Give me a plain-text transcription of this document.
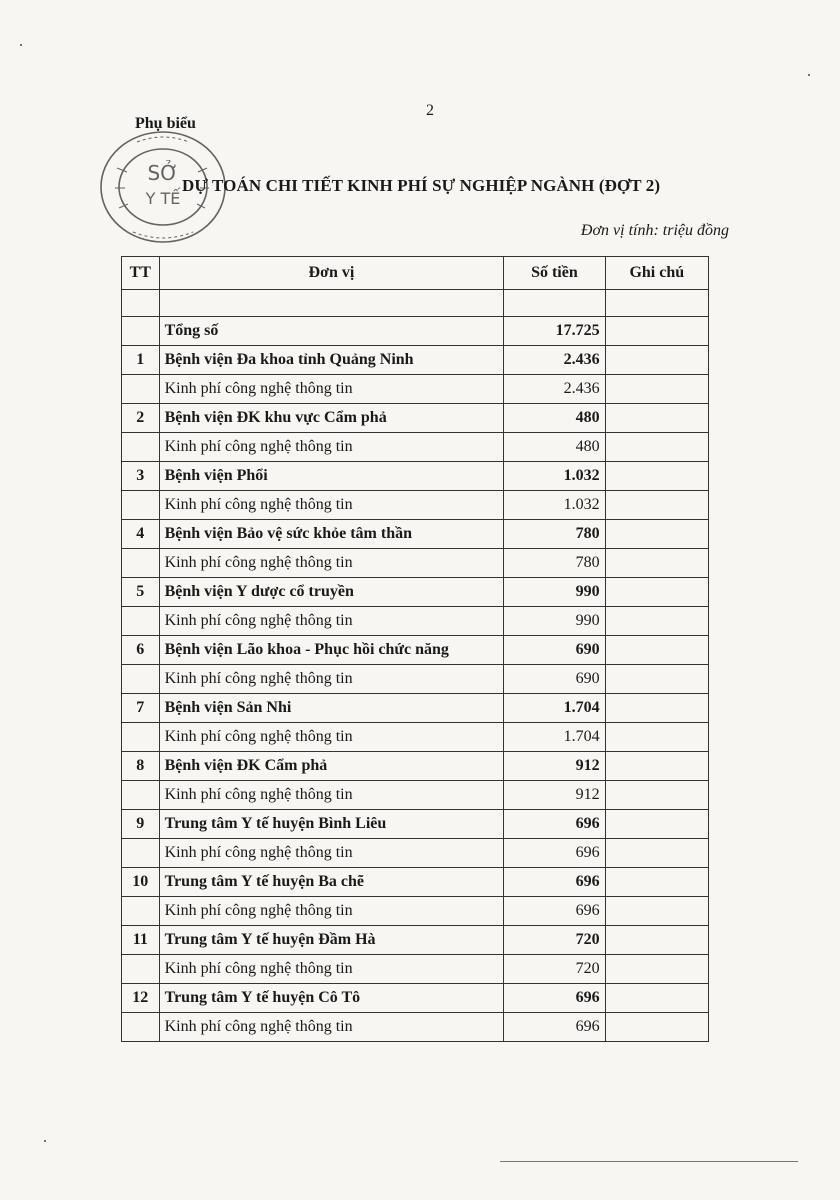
2
SỞ
Y TẾ
Phụ biểu
DỰ TOÁN CHI TIẾT KINH PHÍ SỰ NGHIỆP NGÀNH (ĐỢT 2)
Đơn vị tính: triệu đồng
TT	Đơn vị	Số tiền	Ghi chú

	Tổng số	17.725	
1	Bệnh viện Đa khoa tỉnh Quảng Ninh	2.436	
	Kinh phí công nghệ thông tin	2.436	
2	Bệnh viện ĐK khu vực Cẩm phả	480	
	Kinh phí công nghệ thông tin	480	
3	Bệnh viện Phổi	1.032	
	Kinh phí công nghệ thông tin	1.032	
4	Bệnh viện Bảo vệ sức khỏe tâm thần	780	
	Kinh phí công nghệ thông tin	780	
5	Bệnh viện Y dược cổ truyền	990	
	Kinh phí công nghệ thông tin	990	
6	Bệnh viện Lão khoa - Phục hồi chức năng	690	
	Kinh phí công nghệ thông tin	690	
7	Bệnh viện Sản Nhi	1.704	
	Kinh phí công nghệ thông tin	1.704	
8	Bệnh viện ĐK Cẩm phả	912	
	Kinh phí công nghệ thông tin	912	
9	Trung tâm Y tế huyện Bình Liêu	696	
	Kinh phí công nghệ thông tin	696	
10	Trung tâm Y tế huyện Ba chẽ	696	
	Kinh phí công nghệ thông tin	696	
11	Trung tâm Y tế huyện Đầm Hà	720	
	Kinh phí công nghệ thông tin	720	
12	Trung tâm Y tế huyện Cô Tô	696	
	Kinh phí công nghệ thông tin	696	
